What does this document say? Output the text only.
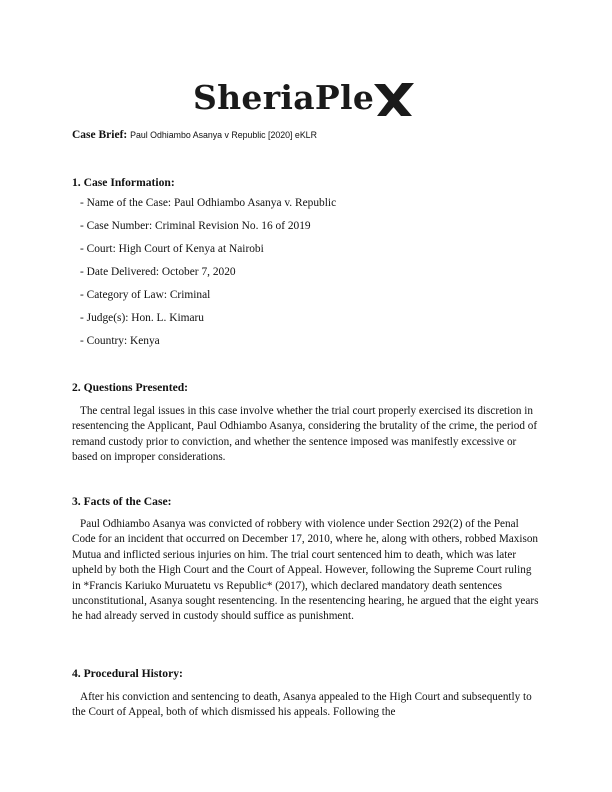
SheriaPle
Case Brief: Paul Odhiambo Asanya v Republic [2020] eKLR
1. Case Information:
- Name of the Case: Paul Odhiambo Asanya v. Republic
- Case Number: Criminal Revision No. 16 of 2019
- Court: High Court of Kenya at Nairobi
- Date Delivered: October 7, 2020
- Category of Law: Criminal
- Judge(s): Hon. L. Kimaru
- Country: Kenya
2. Questions Presented:

The central legal issues in this case involve whether the trial court properly exercised its discretion in resentencing the Applicant, Paul Odhiambo Asanya, considering the brutality of the crime, the period of remand custody prior to conviction, and whether the sentence imposed was manifestly excessive or based on improper considerations.

3. Facts of the Case:

Paul Odhiambo Asanya was convicted of robbery with violence under Section 292(2) of the Penal Code for an incident that occurred on December 17, 2010, where he, along with others, robbed Maxison Mutua and inflicted serious injuries on him. The trial court sentenced him to death, which was later upheld by both the High Court and the Court of Appeal. However, following the Supreme Court ruling in *Francis Kariuko Muruatetu vs Republic* (2017), which declared mandatory death sentences unconstitutional, Asanya sought resentencing. In the resentencing hearing, he argued that the eight years he had already served in custody should suffice as punishment.

4. Procedural History:

After his conviction and sentencing to death, Asanya appealed to the High Court and subsequently to the Court of Appeal, both of which dismissed his appeals. Following the
